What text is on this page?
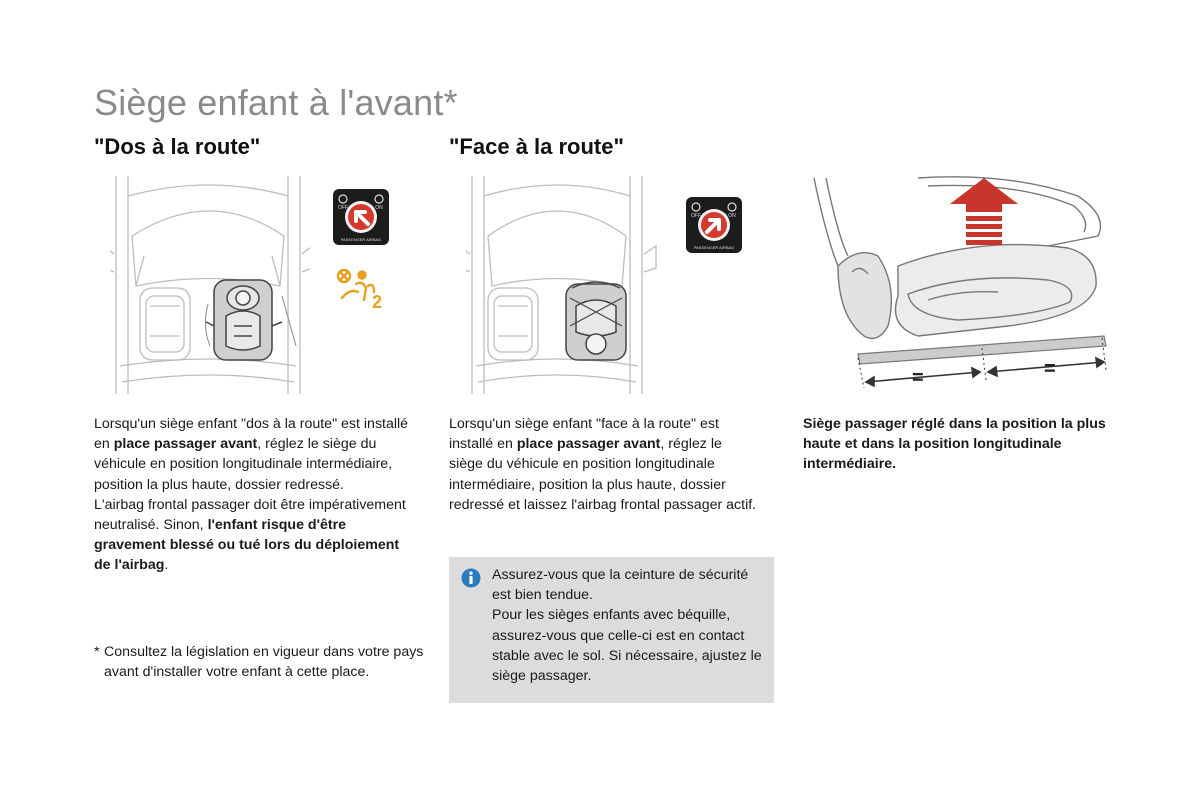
Siège enfant à l'avant*
"Dos à la route"	"Face à la route"
OFF	ON
PASSENGER AIRBAG
2
OFF	ON
PASSENGER AIRBAG
=	=
Lorsqu'un siège enfant "dos à la route" est installé en place passager avant, réglez le siège du véhicule en position longitudinale intermédiaire, position la plus haute, dossier redressé.
L'airbag frontal passager doit être impérativement neutralisé. Sinon, l'enfant risque d'être gravement blessé ou tué lors du déploiement de l'airbag.
Lorsqu'un siège enfant "face à la route" est installé en place passager avant, réglez le siège du véhicule en position longitudinale intermédiaire, position la plus haute, dossier redressé et laissez l'airbag frontal passager actif.
Siège passager réglé dans la position la plus haute et dans la position longitudinale intermédiaire.
Assurez-vous que la ceinture de sécurité est bien tendue.
Pour les sièges enfants avec béquille, assurez-vous que celle-ci est en contact stable avec le sol. Si nécessaire, ajustez le siège passager.
* Consultez la législation en vigueur dans votre pays avant d'installer votre enfant à cette place.
